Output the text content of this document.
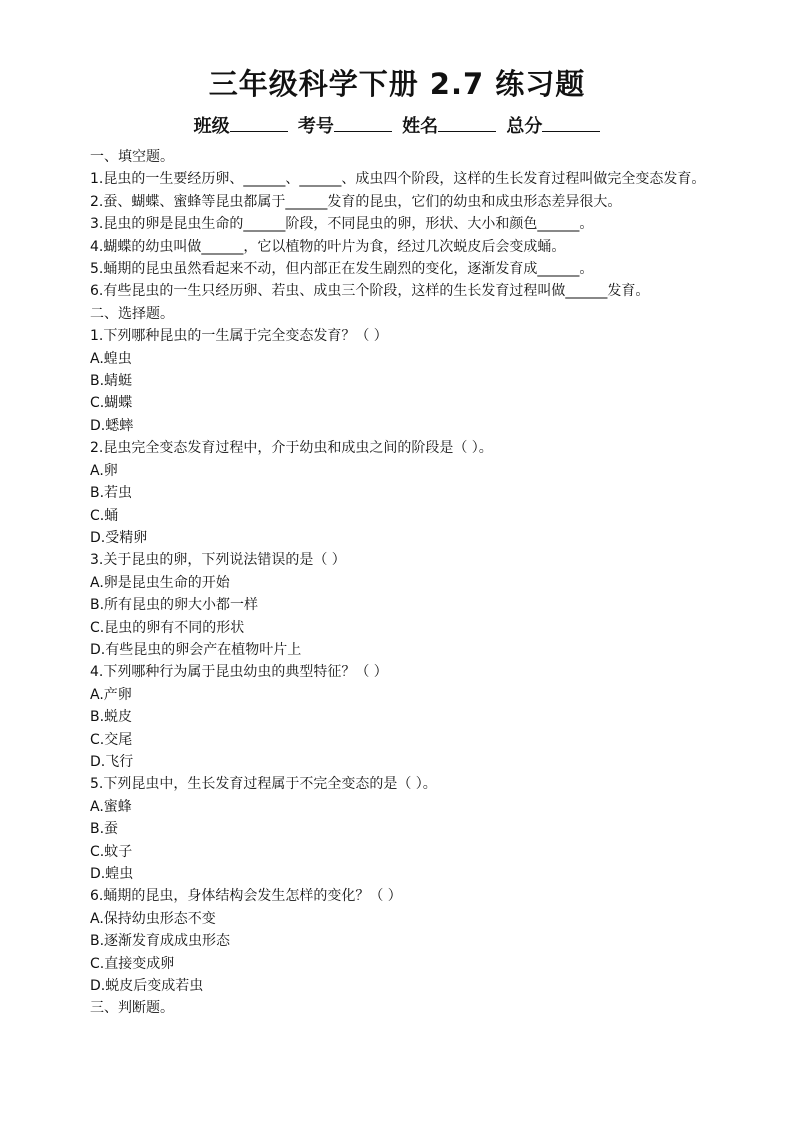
三年级科学下册 2.7 练习题
班级	考号	姓名	总分
一、填空题。
1.昆虫的一生要经历卵、______、______、成虫四个阶段，这样的生长发育过程叫做完全变态发育。
2.蚕、蝴蝶、蜜蜂等昆虫都属于______发育的昆虫，它们的幼虫和成虫形态差异很大。
3.昆虫的卵是昆虫生命的______阶段，不同昆虫的卵，形状、大小和颜色______。
4.蝴蝶的幼虫叫做______，它以植物的叶片为食，经过几次蜕皮后会变成蛹。
5.蛹期的昆虫虽然看起来不动，但内部正在发生剧烈的变化，逐渐发育成______。
6.有些昆虫的一生只经历卵、若虫、成虫三个阶段，这样的生长发育过程叫做______发育。
二、选择题。
1.下列哪种昆虫的一生属于完全变态发育？（ ）
A.蝗虫
B.蜻蜓
C.蝴蝶
D.蟋蟀
2.昆虫完全变态发育过程中，介于幼虫和成虫之间的阶段是（ ）。
A.卵
B.若虫
C.蛹
D.受精卵
3.关于昆虫的卵，下列说法错误的是（ ）
A.卵是昆虫生命的开始
B.所有昆虫的卵大小都一样
C.昆虫的卵有不同的形状
D.有些昆虫的卵会产在植物叶片上
4.下列哪种行为属于昆虫幼虫的典型特征？（ ）
A.产卵
B.蜕皮
C.交尾
D.飞行
5.下列昆虫中，生长发育过程属于不完全变态的是（ ）。
A.蜜蜂
B.蚕
C.蚊子
D.蝗虫
6.蛹期的昆虫，身体结构会发生怎样的变化？（ ）
A.保持幼虫形态不变
B.逐渐发育成成虫形态
C.直接变成卵
D.蜕皮后变成若虫
三、判断题。
